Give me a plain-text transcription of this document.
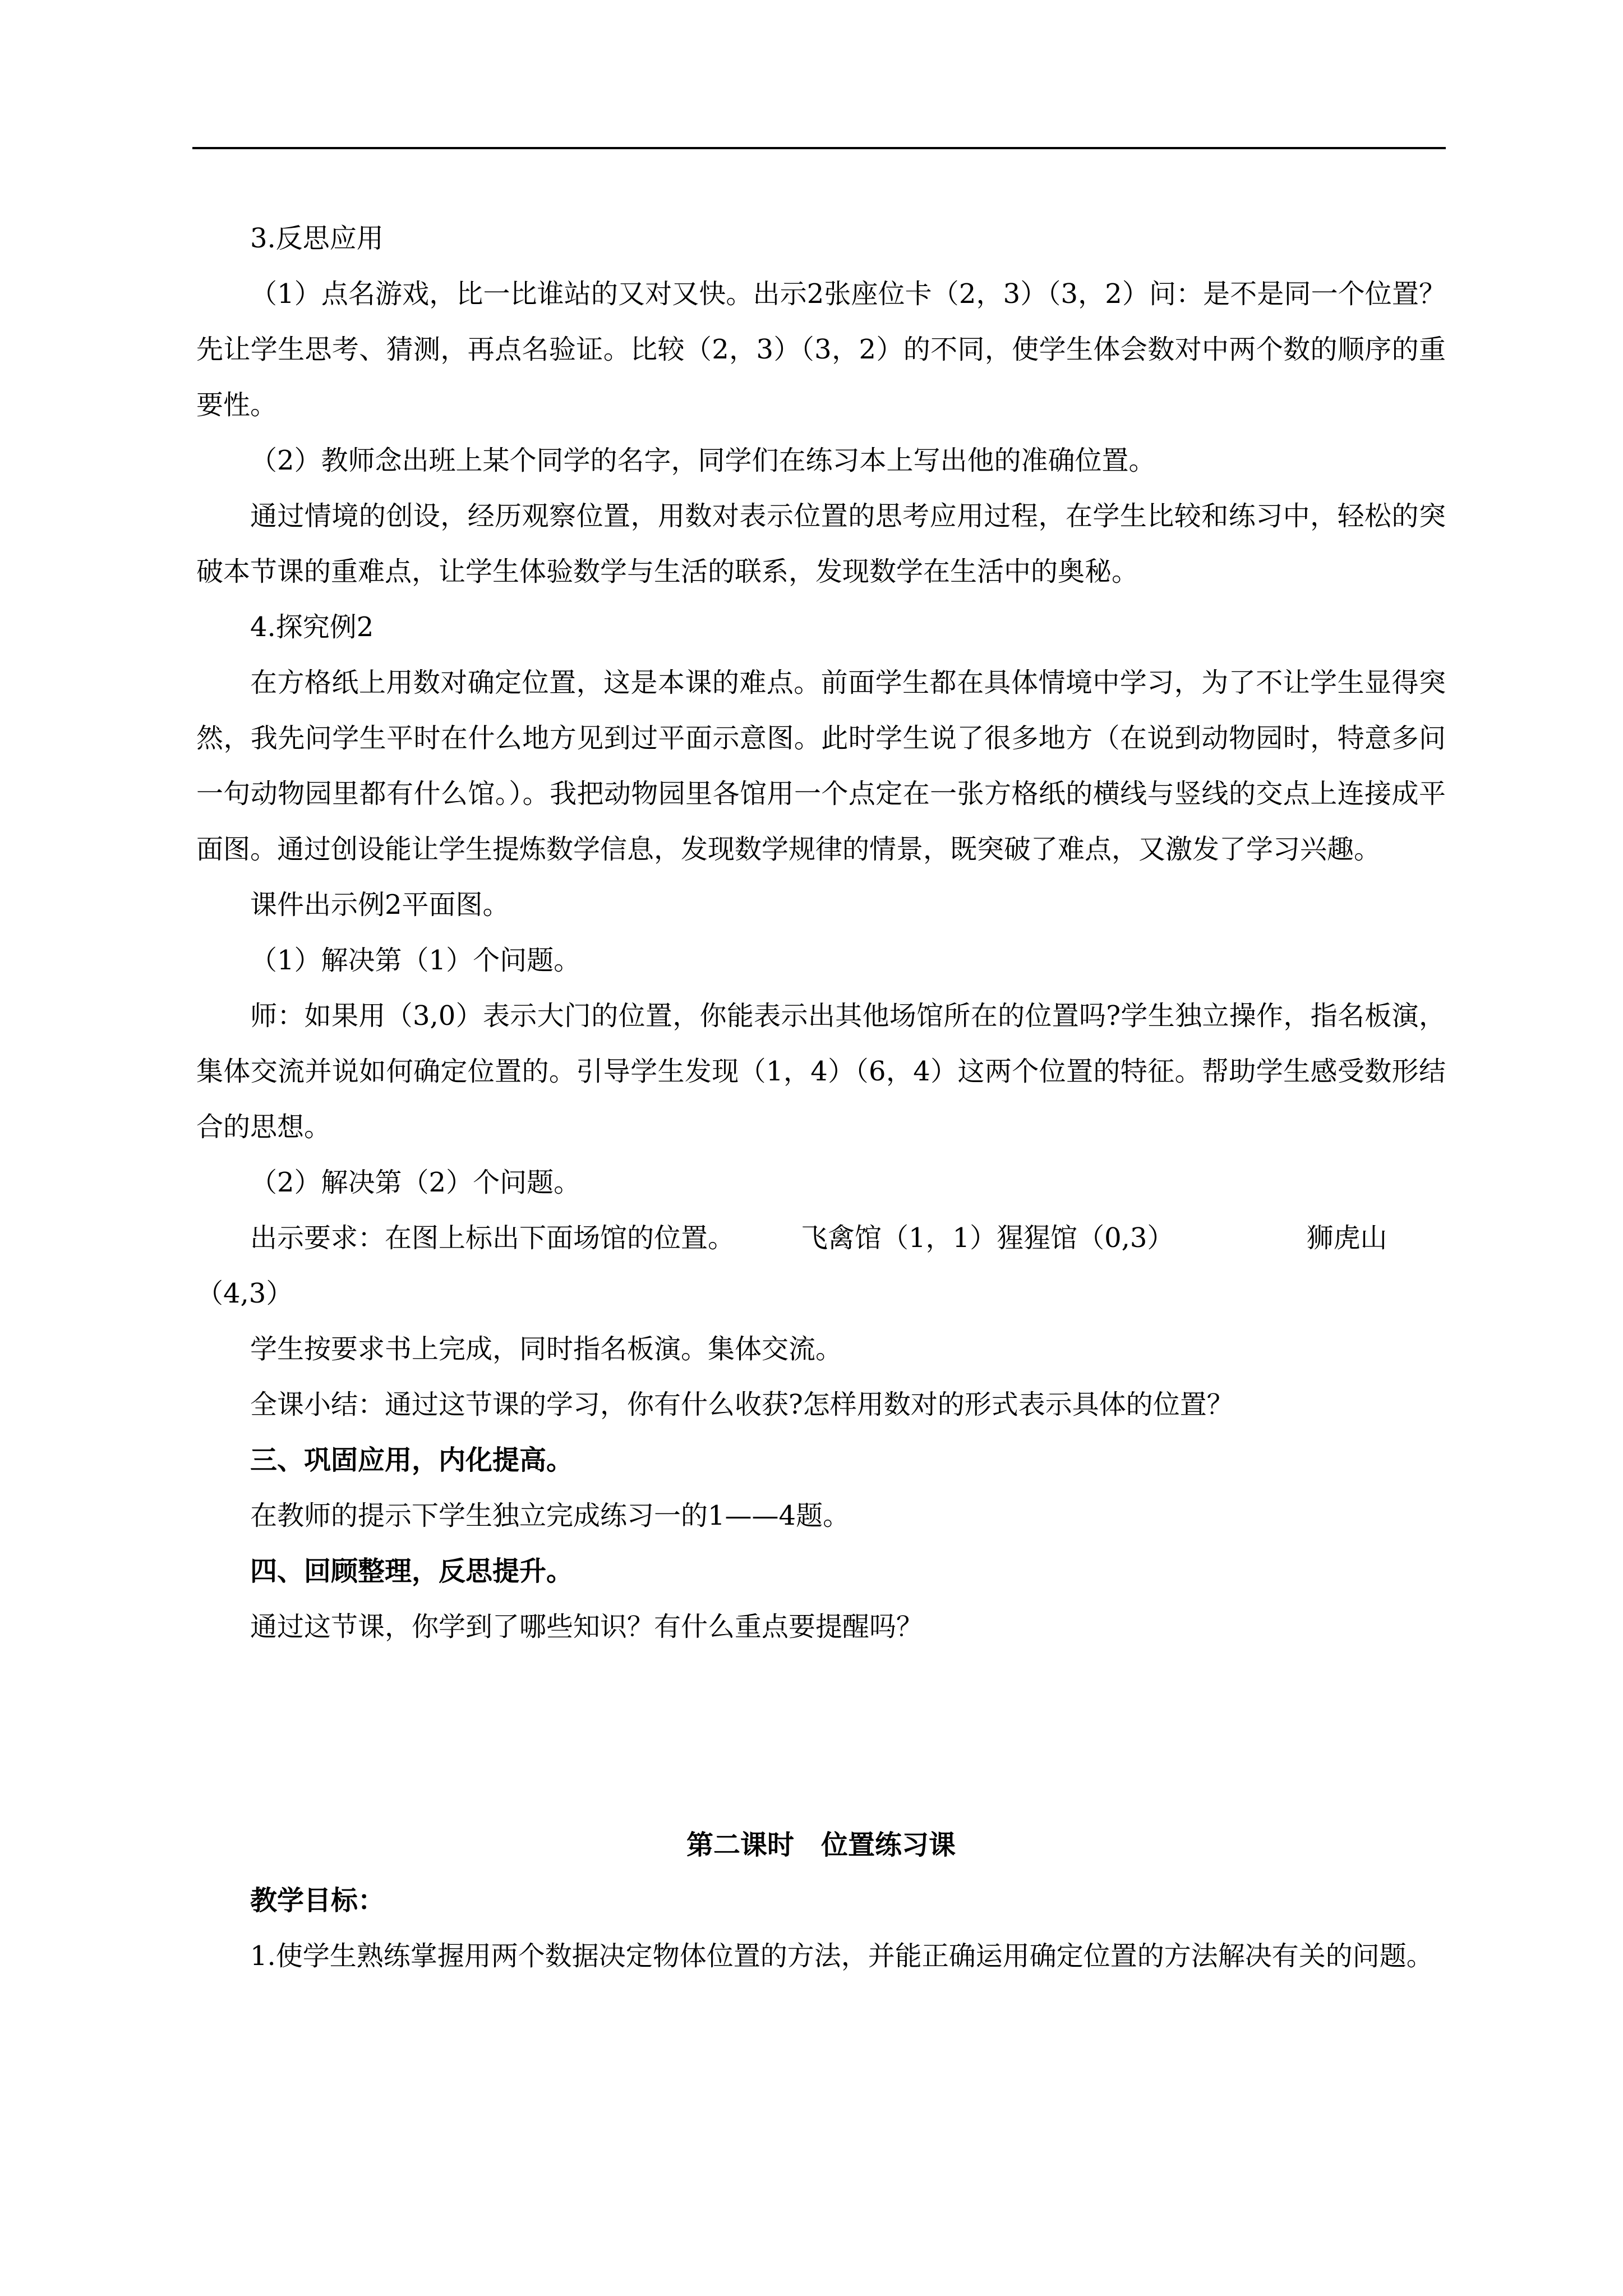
3.反思应用

（1）点名游戏，比一比谁站的又对又快。出示2张座位卡（2，3）（3，2）问：是不是同一个位置？先让学生思考、猜测，再点名验证。比较（2，3）（3，2）的不同，使学生体会数对中两个数的顺序的重要性。

（2）教师念出班上某个同学的名字，同学们在练习本上写出他的准确位置。

通过情境的创设，经历观察位置，用数对表示位置的思考应用过程，在学生比较和练习中，轻松的突破本节课的重难点，让学生体验数学与生活的联系，发现数学在生活中的奥秘。

4.探究例2

在方格纸上用数对确定位置，这是本课的难点。前面学生都在具体情境中学习，为了不让学生显得突然，我先问学生平时在什么地方见到过平面示意图。此时学生说了很多地方（在说到动物园时，特意多问一句动物园里都有什么馆。）。我把动物园里各馆用一个点定在一张方格纸的横线与竖线的交点上连接成平面图。通过创设能让学生提炼数学信息，发现数学规律的情景，既突破了难点，又激发了学习兴趣。

课件出示例2平面图。

（1）解决第（1）个问题。

师：如果用（3,0）表示大门的位置，你能表示出其他场馆所在的位置吗?学生独立操作，指名板演，集体交流并说如何确定位置的。引导学生发现（1，4）（6，4）这两个位置的特征。帮助学生感受数形结合的思想。

（2）解决第（2）个问题。

出示要求：在图上标出下面场馆的位置。 飞禽馆（1，1）猩猩馆（0,3）	狮虎山

（4,3）

学生按要求书上完成，同时指名板演。集体交流。

全课小结：通过这节课的学习，你有什么收获?怎样用数对的形式表示具体的位置？

三、巩固应用，内化提高。

在教师的提示下学生独立完成练习一的1——4题。

四、回顾整理，反思提升。

通过这节课，你学到了哪些知识？有什么重点要提醒吗？

第二课时　位置练习课

教学目标：

1.使学生熟练掌握用两个数据决定物体位置的方法，并能正确运用确定位置的方法解决有关的问题。
